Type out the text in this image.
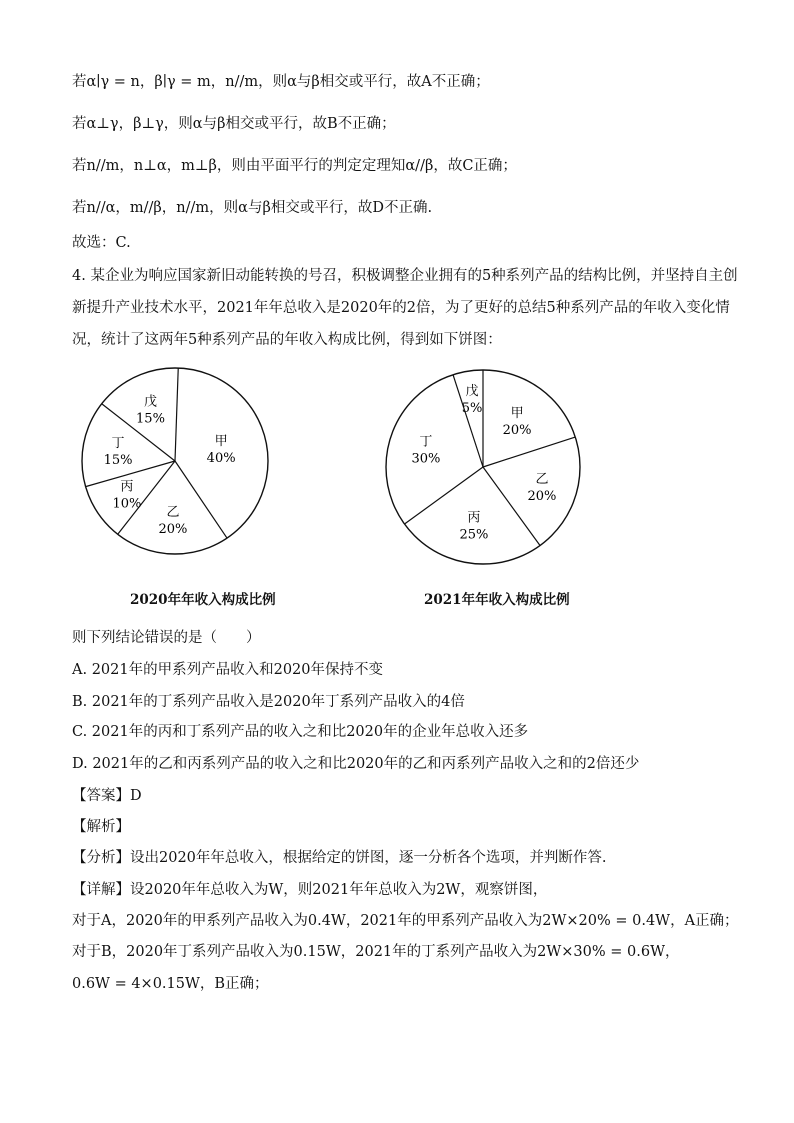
若α∣γ = n，β∣γ = m，n//m，则α与β相交或平行，故A不正确；
若α⊥γ，β⊥γ，则α与β相交或平行，故B不正确；
若n//m，n⊥α，m⊥β，则由平面平行的判定定理知α//β，故C正确；
若n//α，m//β，n//m，则α与β相交或平行，故D不正确.
故选：C.
4. 某企业为响应国家新旧动能转换的号召，积极调整企业拥有的5种系列产品的结构比例，并坚持自主创
新提升产业技术水平，2021年年总收入是2020年的2倍，为了更好的总结5种系列产品的年收入变化情
况，统计了这两年5种系列产品的年收入构成比例，得到如下饼图：
甲
40%
乙
20%
丙
10%
丁
15%
戊
15%	甲
20%
乙
20%
丙
25%
丁
30%
戊
5%
2020年年收入构成比例	2021年年收入构成比例
则下列结论错误的是（　　）
A. 2021年的甲系列产品收入和2020年保持不变
B. 2021年的丁系列产品收入是2020年丁系列产品收入的4倍
C. 2021年的丙和丁系列产品的收入之和比2020年的企业年总收入还多
D. 2021年的乙和丙系列产品的收入之和比2020年的乙和丙系列产品收入之和的2倍还少
【答案】D
【解析】
【分析】设出2020年年总收入，根据给定的饼图，逐一分析各个选项，并判断作答.
【详解】设2020年年总收入为W，则2021年年总收入为2W，观察饼图，
对于A，2020年的甲系列产品收入为0.4W，2021年的甲系列产品收入为2W×20% = 0.4W，A正确；
对于B，2020年丁系列产品收入为0.15W，2021年的丁系列产品收入为2W×30% = 0.6W，
0.6W = 4×0.15W，B正确；
